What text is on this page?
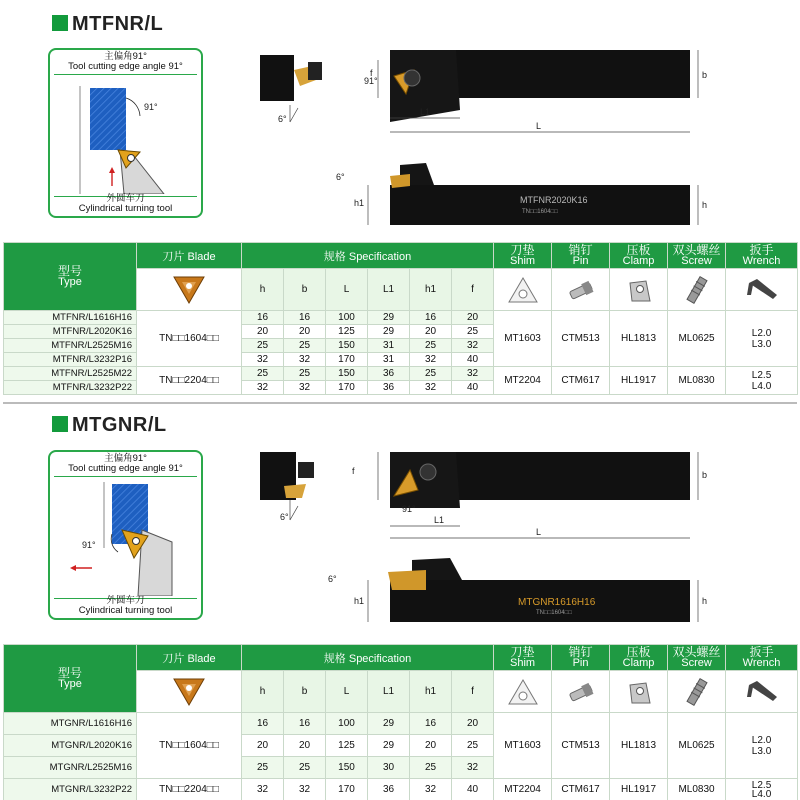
MTFNR/L
主偏角91°
Tool cutting edge angle 91°
91°
外圆车刀
Cylindrical turning tool
6°
f
91°
b
L1
L
MTFNR2020K16
TN□□1604□□
6°
h1	h
型号
Type	刀片 Blade	规格 Specification						刀垫
Shim	销钉
Pin	压板
Clamp	双头螺丝
Screw	扳手
Wrench

	h	b	L	L1	h1	f	

MTFNR/L1616H16	TN□□1604□□	16	16	100	29	16	20	MT1603	CTM513	HL1813	ML0625	L2.0
L3.0

MTFNR/L2020K16		20	20	125	29	20	25					
MTFNR/L2525M16		25	25	150	31	25	32					
MTFNR/L3232P16		32	32	170	31	32	40					
MTFNR/L2525M22	TN□□2204□□	25	25	150	36	25	32	MT2204	CTM617	HL1917	ML0830	L2.5
L4.0

MTFNR/L3232P22		32	32	170	36	32	40					
MTGNR/L
主偏角91°
Tool cutting edge angle 91°
91°
外圆车刀
Cylindrical turning tool
6°
f
91°
b
L1
L
MTGNR1616H16
TN□□1604□□
6°
h1	h
型号
Type	刀片 Blade	规格 Specification						刀垫
Shim	销钉
Pin	压板
Clamp	双头螺丝
Screw	扳手
Wrench

	h	b	L	L1	h1	f	

MTGNR/L1616H16	TN□□1604□□	16	16	100	29	16	20	MT1603	CTM513	HL1813	ML0625	L2.0
L3.0

MTGNR/L2020K16		20	20	125	29	20	25					
MTGNR/L2525M16		25	25	150	30	25	32					
MTGNR/L3232P22	TN□□2204□□	32	32	170	36	32	40	MT2204	CTM617	HL1917	ML0830	L2.5
L4.0
